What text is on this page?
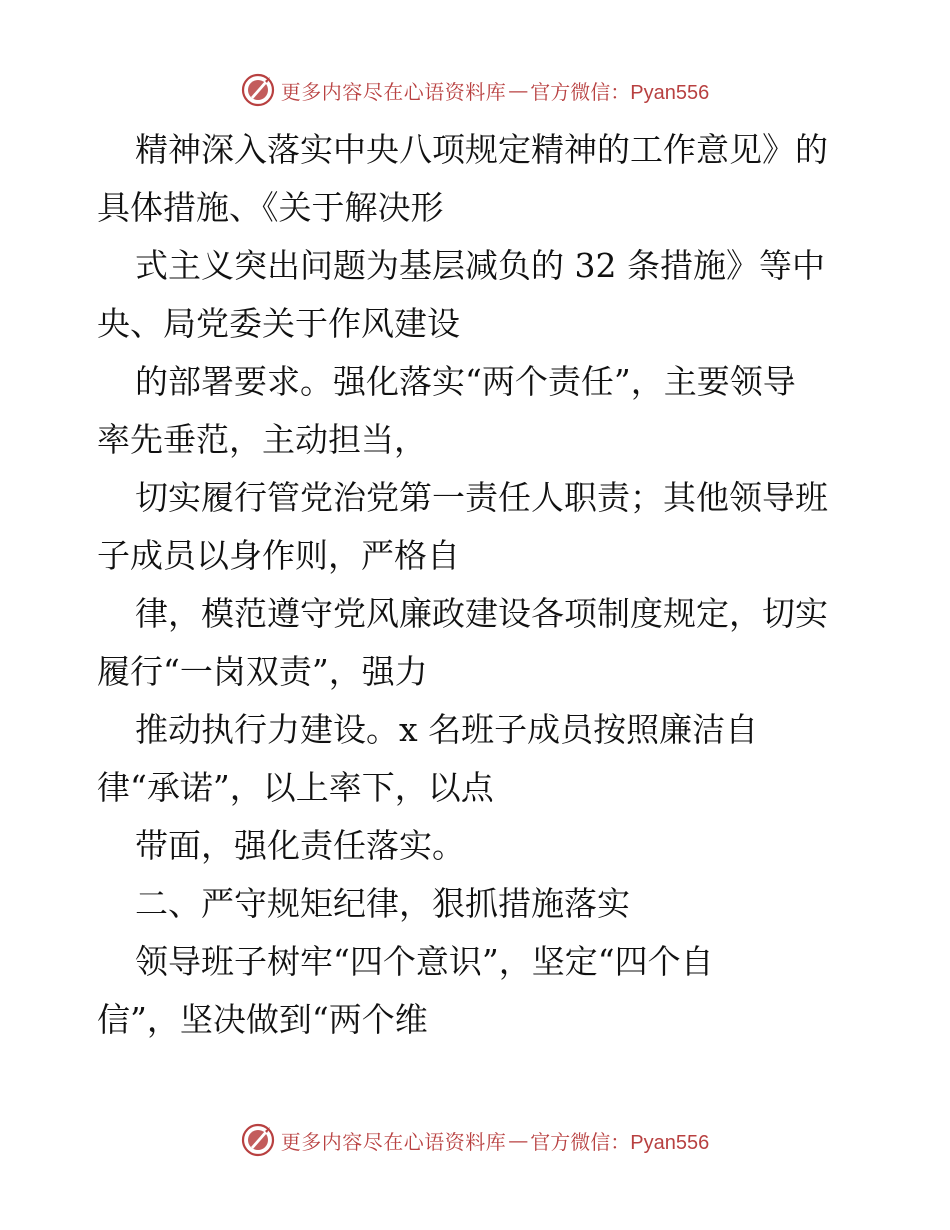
更多内容尽在心语资料库 — 官方微信：Pyan556
精神深入落实中央八项规定精神的工作意见》的
具体措施、《关于解决形
式主义突出问题为基层减负的 32 条措施》等中
央、局党委关于作风建设
的部署要求。强化落实“两个责任”，主要领导
率先垂范，主动担当，
切实履行管党治党第一责任人职责；其他领导班
子成员以身作则，严格自
律，模范遵守党风廉政建设各项制度规定，切实
履行“一岗双责”，强力
推动执行力建设。x 名班子成员按照廉洁自
律“承诺”，以上率下，以点
带面，强化责任落实。
二、严守规矩纪律，狠抓措施落实
领导班子树牢“四个意识”，坚定“四个自
信”，坚决做到“两个维
更多内容尽在心语资料库 — 官方微信：Pyan556
